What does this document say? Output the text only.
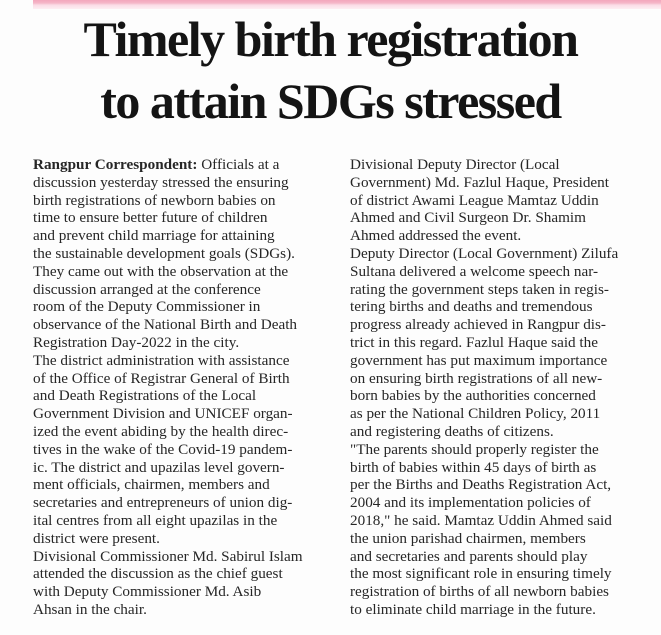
Timely birth registration
to attain SDGs stressed
Rangpur Correspondent: Officials at a
discussion yesterday stressed the ensuring
birth registrations of newborn babies on
time to ensure better future of children
and prevent child marriage for attaining
the sustainable development goals (SDGs).
They came out with the observation at the
discussion arranged at the conference
room of the Deputy Commissioner in
observance of the National Birth and Death
Registration Day-2022 in the city.
The district administration with assistance
of the Office of Registrar General of Birth
and Death Registrations of the Local
Government Division and UNICEF organ-
ized the event abiding by the health direc-
tives in the wake of the Covid-19 pandem-
ic. The district and upazilas level govern-
ment officials, chairmen, members and
secretaries and entrepreneurs of union dig-
ital centres from all eight upazilas in the
district were present.
Divisional Commissioner Md. Sabirul Islam
attended the discussion as the chief guest
with Deputy Commissioner Md. Asib
Ahsan in the chair.
Divisional Deputy Director (Local
Government) Md. Fazlul Haque, President
of district Awami League Mamtaz Uddin
Ahmed and Civil Surgeon Dr. Shamim
Ahmed addressed the event.
Deputy Director (Local Government) Zilufa
Sultana delivered a welcome speech nar-
rating the government steps taken in regis-
tering births and deaths and tremendous
progress already achieved in Rangpur dis-
trict in this regard. Fazlul Haque said the
government has put maximum importance
on ensuring birth registrations of all new-
born babies by the authorities concerned
as per the National Children Policy, 2011
and registering deaths of citizens.
"The parents should properly register the
birth of babies within 45 days of birth as
per the Births and Deaths Registration Act,
2004 and its implementation policies of
2018," he said. Mamtaz Uddin Ahmed said
the union parishad chairmen, members
and secretaries and parents should play
the most significant role in ensuring timely
registration of births of all newborn babies
to eliminate child marriage in the future.
